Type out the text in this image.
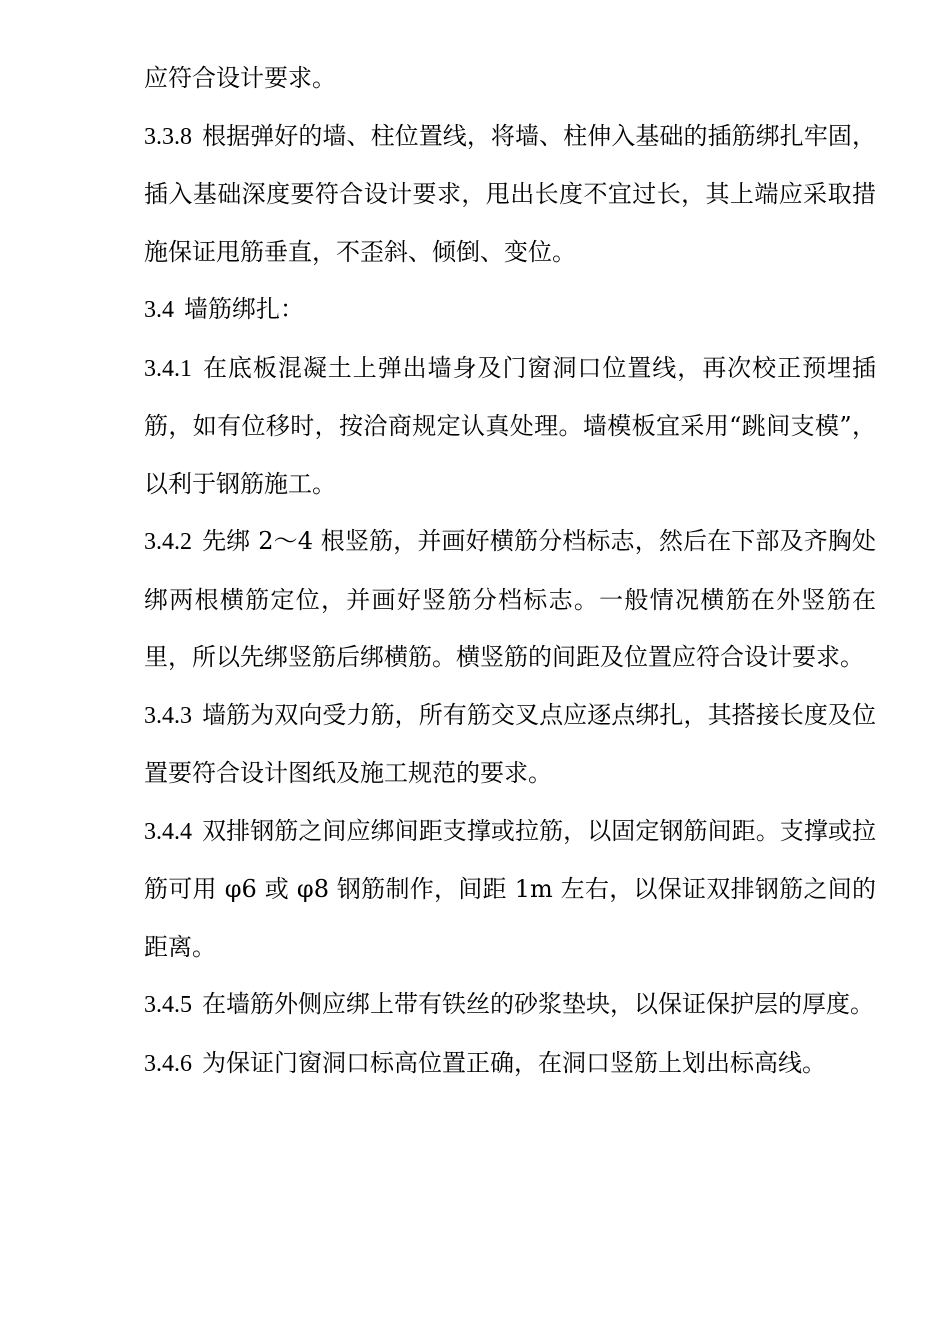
应符合设计要求。

3.3.8 根据弹好的墙、柱位置线，将墙、柱伸入基础的插筋绑扎牢固，插入基础深度要符合设计要求，甩出长度不宜过长，其上端应采取措施保证甩筋垂直，不歪斜、倾倒、变位。

3.4 墙筋绑扎：

3.4.1 在底板混凝土上弹出墙身及门窗洞口位置线，再次校正预埋插筋，如有位移时，按洽商规定认真处理。墙模板宜采用“跳间支模”，以利于钢筋施工。

3.4.2 先绑 2～4 根竖筋，并画好横筋分档标志，然后在下部及齐胸处绑两根横筋定位，并画好竖筋分档标志。一般情况横筋在外竖筋在里，所以先绑竖筋后绑横筋。横竖筋的间距及位置应符合设计要求。

3.4.3 墙筋为双向受力筋，所有筋交叉点应逐点绑扎，其搭接长度及位置要符合设计图纸及施工规范的要求。

3.4.4 双排钢筋之间应绑间距支撑或拉筋，以固定钢筋间距。支撑或拉筋可用 φ6 或 φ8 钢筋制作，间距 1m 左右，以保证双排钢筋之间的距离。

3.4.5 在墙筋外侧应绑上带有铁丝的砂浆垫块，以保证保护层的厚度。

3.4.6 为保证门窗洞口标高位置正确，在洞口竖筋上划出标高线。
